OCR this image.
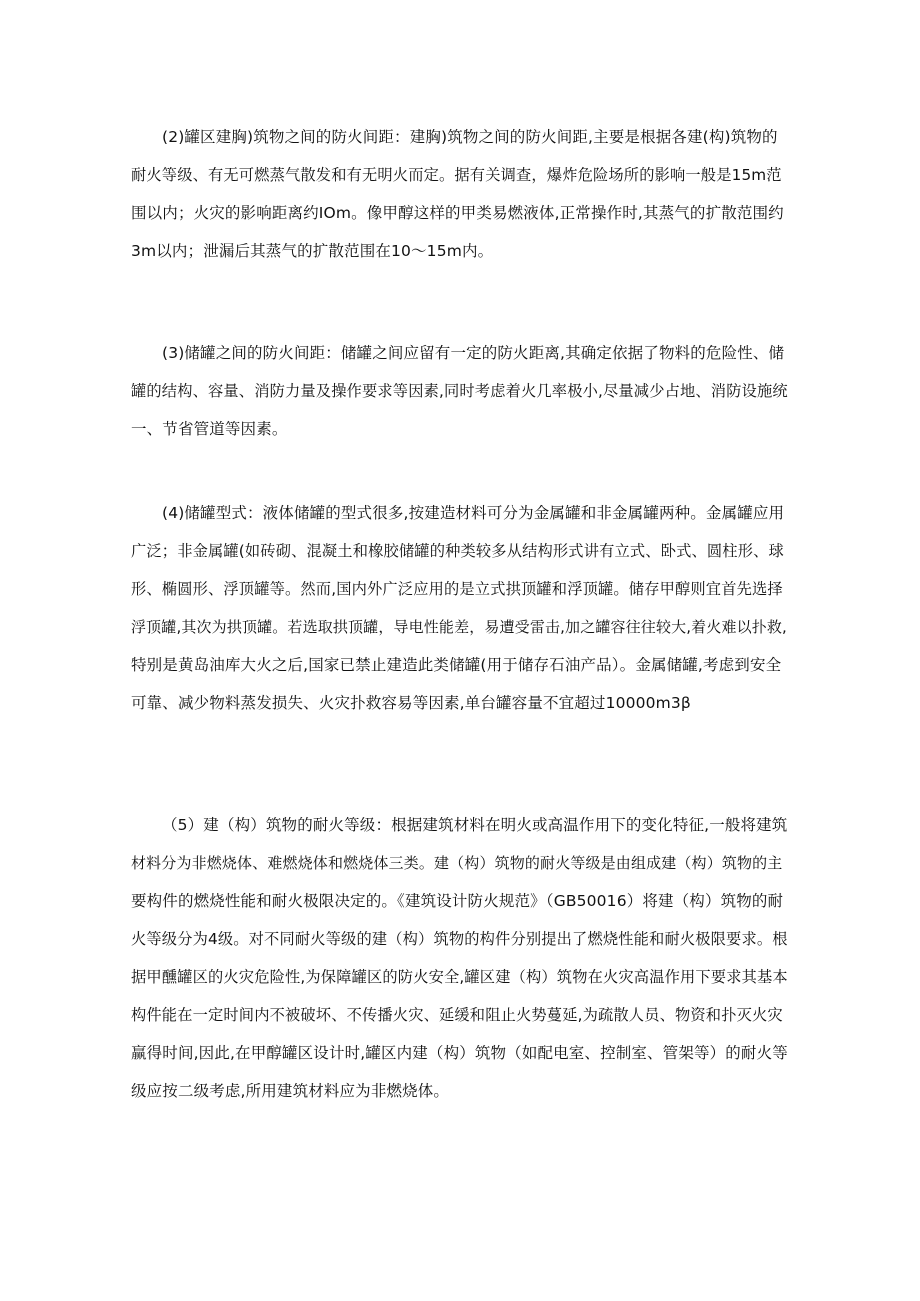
(2)罐区建胸)筑物之间的防火间距：建胸)筑物之间的防火间距,主要是根据各建(构)筑物的
耐火等级、有无可燃蒸气散发和有无明火而定。据有关调查，爆炸危险场所的影响一般是15m范
围以内；火灾的影响距离约IOm。像甲醇这样的甲类易燃液体,正常操作时,其蒸气的扩散范围约
3m以内；泄漏后其蒸气的扩散范围在10～15m内。
(3)储罐之间的防火间距：储罐之间应留有一定的防火距离,其确定依据了物料的危险性、储
罐的结构、容量、消防力量及操作要求等因素,同时考虑着火几率极小,尽量减少占地、消防设施统
一、节省管道等因素。
(4)储罐型式：液体储罐的型式很多,按建造材料可分为金属罐和非金属罐两种。金属罐应用
广泛；非金属罐(如砖砌、混凝土和橡胶储罐的种类较多从结构形式讲有立式、卧式、圆柱形、球
形、椭圆形、浮顶罐等。然而,国内外广泛应用的是立式拱顶罐和浮顶罐。储存甲醇则宜首先选择
浮顶罐,其次为拱顶罐。若选取拱顶罐，导电性能差，易遭受雷击,加之罐容往往较大,着火难以扑救,
特别是黄岛油库大火之后,国家已禁止建造此类储罐(用于储存石油产品）。金属储罐,考虑到安全
可靠、减少物料蒸发损失、火灾扑救容易等因素,单台罐容量不宜超过10000m3β
（5）建（构）筑物的耐火等级：根据建筑材料在明火或高温作用下的变化特征,一般将建筑
材料分为非燃烧体、难燃烧体和燃烧体三类。建（构）筑物的耐火等级是由组成建（构）筑物的主
要构件的燃烧性能和耐火极限决定的。《建筑设计防火规范》（GB50016）将建（构）筑物的耐
火等级分为4级。对不同耐火等级的建（构）筑物的构件分别提出了燃烧性能和耐火极限要求。根
据甲醺罐区的火灾危险性,为保障罐区的防火安全,罐区建（构）筑物在火灾高温作用下要求其基本
构件能在一定时间内不被破坏、不传播火灾、延缓和阻止火势蔓延,为疏散人员、物资和扑灭火灾
赢得时间,因此,在甲醇罐区设计时,罐区内建（构）筑物（如配电室、控制室、管架等）的耐火等
级应按二级考虑,所用建筑材料应为非燃烧体。
